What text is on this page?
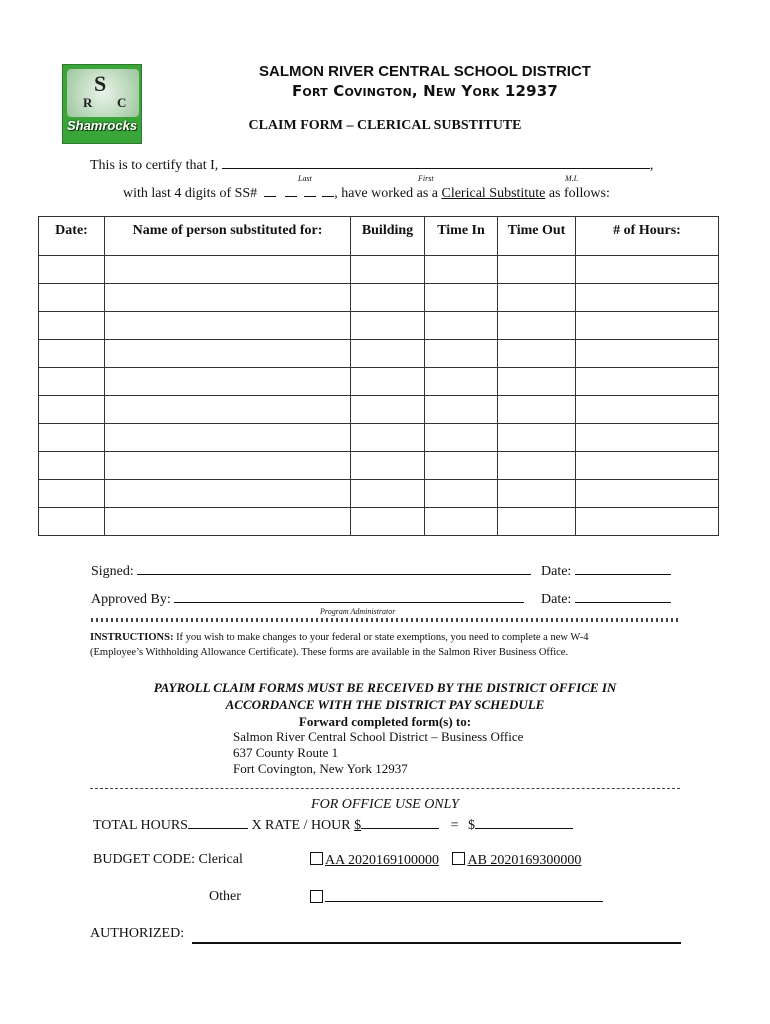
S
R C
Shamrocks
SALMON RIVER CENTRAL SCHOOL DISTRICT
Fort Covington, New York 12937
CLAIM FORM – CLERICAL SUBSTITUTE
This is to certify that I,	,
Last	First	M.I.
with last 4 digits of SS#	, have worked as a Clerical Substitute as follows:
Date:	Name of person substituted for:	Building	Time In	Time Out	# of Hours:

Signed:	Date:
Approved By:	Date:
Program Administrator
INSTRUCTIONS: If you wish to make changes to your federal or state exemptions, you need to complete a new W-4
(Employee’s Withholding Allowance Certificate). These forms are available in the Salmon River Business Office.
PAYROLL CLAIM FORMS MUST BE RECEIVED BY THE DISTRICT OFFICE IN
ACCORDANCE WITH THE DISTRICT PAY SCHEDULE
Forward completed form(s) to:
Salmon River Central School District – Business Office
637 County Route 1
Fort Covington, New York 12937
FOR OFFICE USE ONLY
TOTAL HOURS	X RATE / HOUR $	= $
BUDGET CODE: Clerical	AA 2020169100000 AB 2020169300000
Other
AUTHORIZED:
